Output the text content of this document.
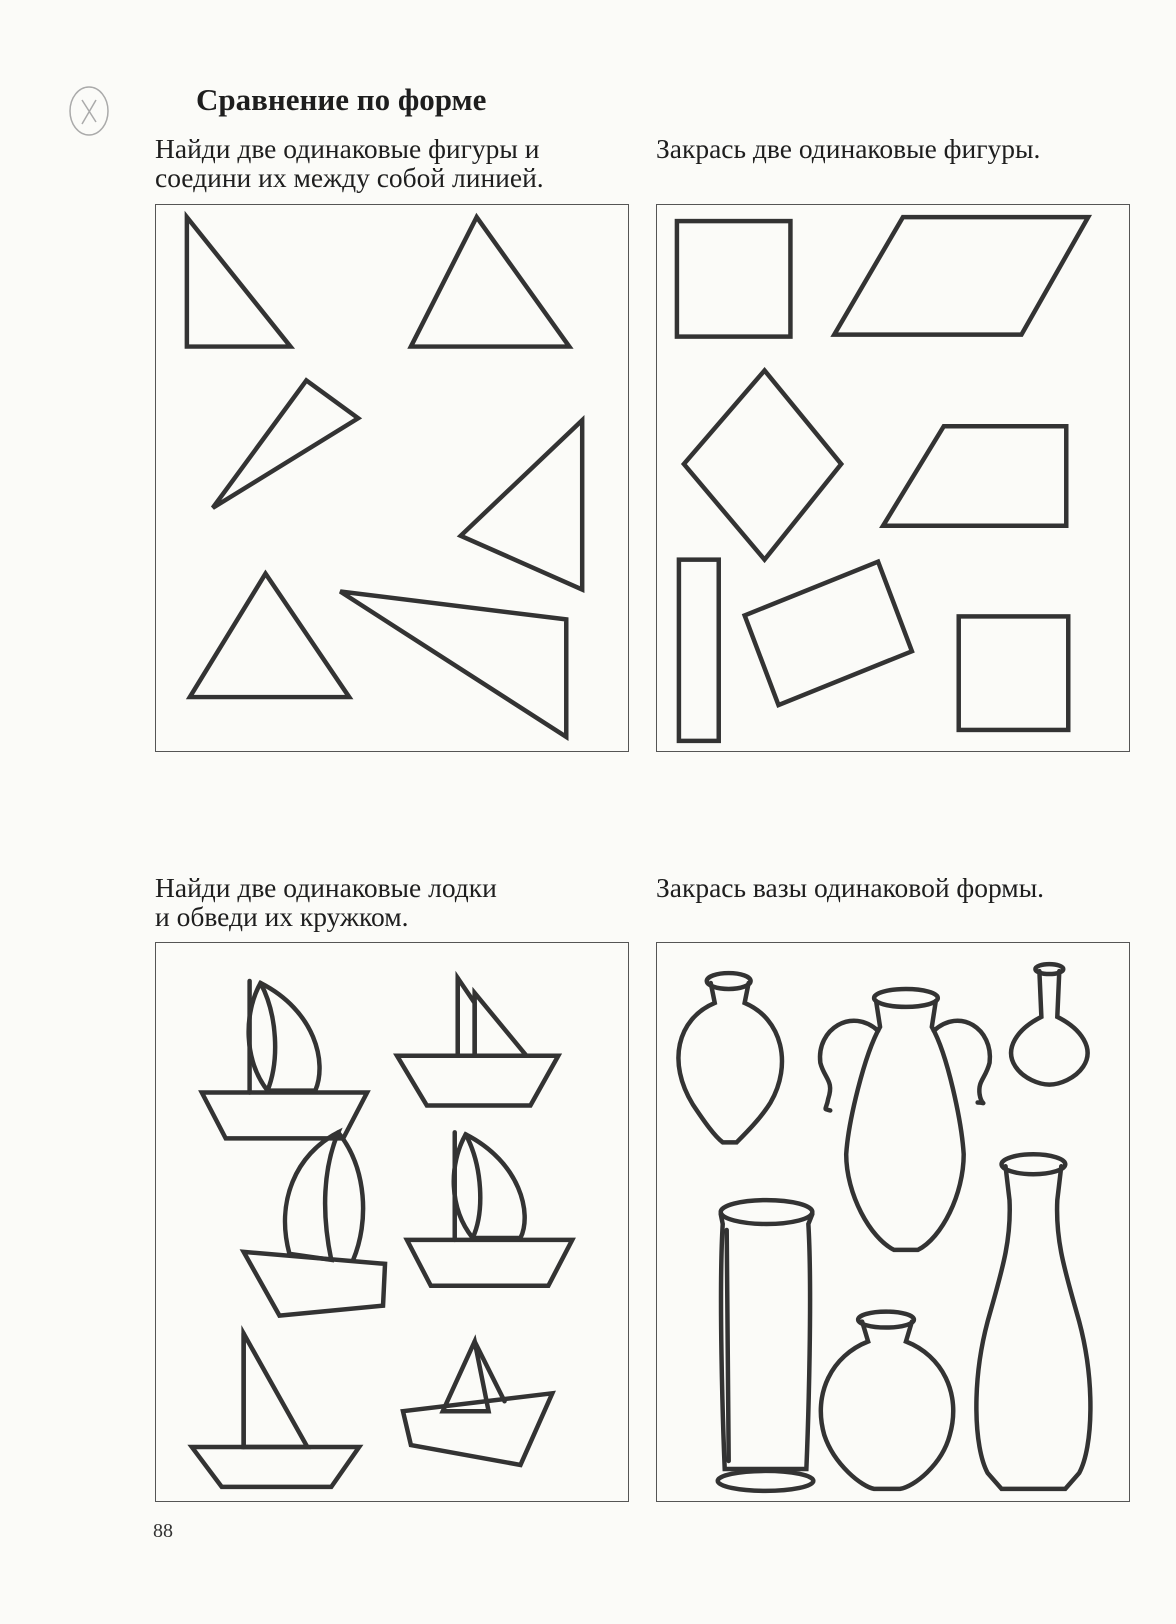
Сравнение по форме
Найди две одинаковые фигуры и
соедини их между собой линией.
Закрась две одинаковые фигуры.
Найди две одинаковые лодки
и обведи их кружком.
Закрась вазы одинаковой формы.
88
